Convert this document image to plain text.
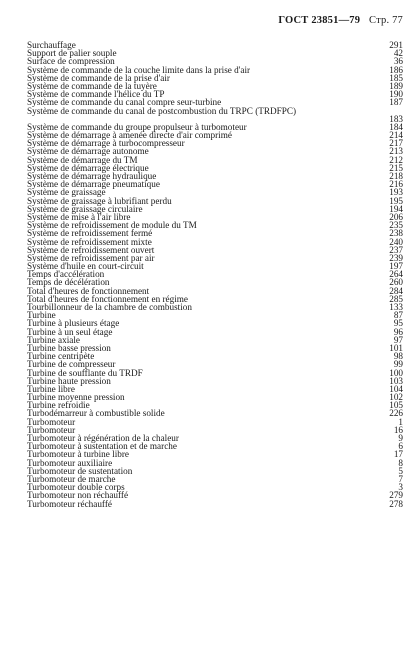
ГОСТ 23851—79 Стр. 77
Surchauffage	291
Support de palier souple	42
Surface de compression	36
Système de commande de la couche limite dans la prise d'air	186
Système de commande de la prise d'air	185
Système de commande de la tuyère	189
Système de commande l'hélice du TP	190
Système de commande du canal compre seur-turbine	187
Système de commande du canal de postcombustion du TRPC (TRDFPC)
183
Système de commande du groupe propulseur à turbomoteur	184
Système de démarrage à amenée directe d'air comprimé	214
Système de démarrage à turbocompresseur	217
Système de démarrage autonome	213
Système de démarrage du TM	212
Système de démarrage électrique	215
Système de démarrage hydraulique	218
Système de démarrage pneumatique	216
Système de graissage	193
Système de graissage à lubrifiant perdu	195
Système de graissage circulaire	194
Système de mise à l'air libre	206
Système de refroidissement de module du TM	235
Système de refroidissement fermé	238
Système de refroidissement mixte	240
Système de refroidissement ouvert	237
Système de refroidissement par air	239
Système d'huile en court-circuit	197
Temps d'accélération	264
Temps de décélération	260
Total d'heures de fonctionnement	284
Total d'heures de fonctionnement en régime	285
Tourbillonneur de la chambre de combustion	133
Turbine	87
Turbine à plusieurs étage	95
Turbine à un seul étage	96
Turbine axiale	97
Turbine basse pression	101
Turbine centripète	98
Turbine de compresseur	99
Turbine de soufflante du TRDF	100
Turbine haute pression	103
Turbine libre	104
Turbine moyenne pression	102
Turbine refroidie	105
Turbodémarreur à combustible solide	226
Turbomoteur	1
Turbomoteur	16
Turbomoteur à régénération de la chaleur	9
Turbomoteur à sustentation et de marche	6
Turbomoteur à turbine libre	17
Turbomoteur auxiliaire	8
Turbomoteur de sustentation	5
Turbomoteur de marche	7
Turbomoteur double corps	3
Turbomoteur non réchauffé	279
Turbomoteur réchauffé	278
